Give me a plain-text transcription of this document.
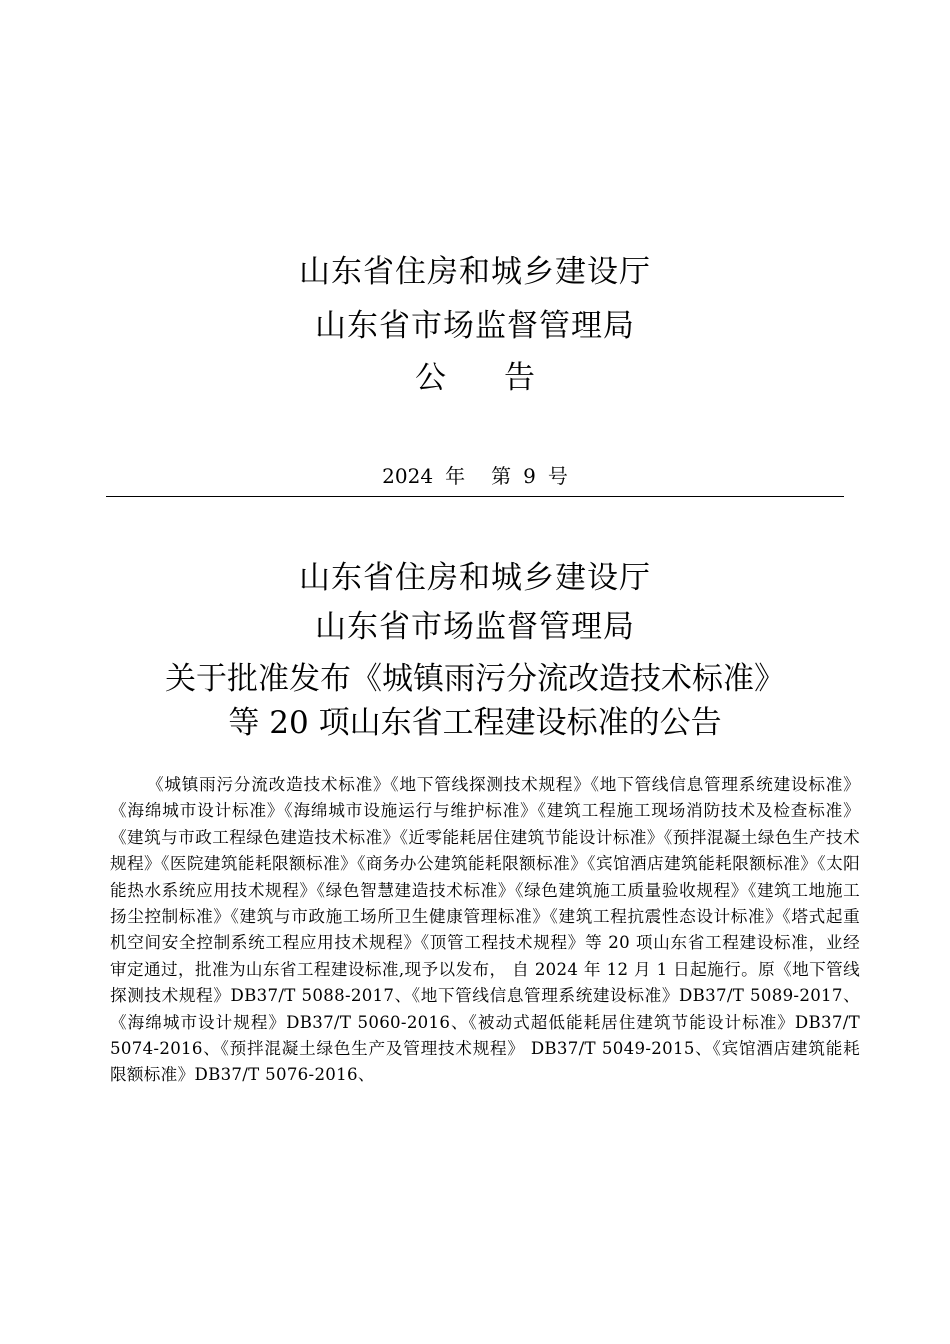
山东省住房和城乡建设厅
山东省市场监督管理局
公 告
2024 年 第 9 号
山东省住房和城乡建设厅
山东省市场监督管理局
关于批准发布《城镇雨污分流改造技术标准》
等 20 项山东省工程建设标准的公告
《城镇雨污分流改造技术标准》《地下管线探测技术规程》《地下管线信息管理系统建设标准》《海绵城市设计标准》《海绵城市设施运行与维护标准》《建筑工程施工现场消防技术及检查标准》《建筑与市政工程绿色建造技术标准》《近零能耗居住建筑节能设计标准》《预拌混凝土绿色生产技术规程》《医院建筑能耗限额标准》《商务办公建筑能耗限额标准》《宾馆酒店建筑能耗限额标准》《太阳能热水系统应用技术规程》《绿色智慧建造技术标准》《绿色建筑施工质量验收规程》《建筑工地施工扬尘控制标准》《建筑与市政施工场所卫生健康管理标准》《建筑工程抗震性态设计标准》《塔式起重机空间安全控制系统工程应用技术规程》《顶管工程技术规程》等 20 项山东省工程建设标准，业经审定通过，批准为山东省工程建设标准,现予以发布， 自 2024 年 12 月 1 日起施行。原《地下管线探测技术规程》DB37/T 5088-2017、《地下管线信息管理系统建设标准》DB37/T 5089-2017、《海绵城市设计规程》DB37/T 5060-2016、《被动式超低能耗居住建筑节能设计标准》DB37/T 5074-2016、《预拌混凝土绿色生产及管理技术规程》 DB37/T 5049-2015、《宾馆酒店建筑能耗限额标准》DB37/T 5076-2016、
